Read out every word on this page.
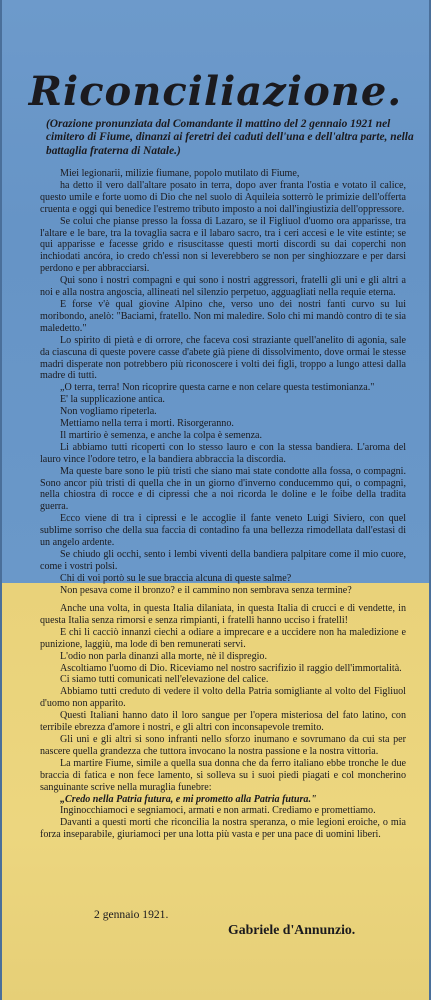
Riconciliazione.
(Orazione pronunziata dal Comandante il mattino del 2 gennaio 1921 nel cimitero di Fiume, dinanzi ai feretri dei caduti dell'una e dell'altra parte, nella battaglia fraterna di Natale.)

Miei legionarii, milizie fiumane, popolo mutilato di Fiume,

ha detto il vero dall'altare posato in terra, dopo aver franta l'ostia e votato il calice, questo umile e forte uomo di Dio che nel suolo di Aquileia sotterrò le primizie dell'offerta cruenta e oggi qui benedice l'estremo tributo imposto a noi dall'ingiustizia dell'oppressore.

Se colui che pianse presso la fossa di Lazaro, se il Figliuol d'uomo ora apparisse, tra l'altare e le bare, tra la tovaglia sacra e il labaro sacro, tra i ceri accesi e le vite estinte; se qui apparisse e facesse grido e risuscitasse questi morti discordi su dai coperchi non inchiodati ancóra, io credo ch'essi non si leverebbero se non per singhiozzare e per darsi perdono e per abbracciarsi.

Qui sono i nostri compagni e qui sono i nostri aggressori, fratelli gli uni e gli altri a noi e alla nostra angoscia, allineati nel silenzio perpetuo, agguagliati nella requie eterna.

E forse v'è qual giovine Alpino che, verso uno dei nostri fanti curvo su lui moribondo, anelò: "Baciami, fratello. Non mi maledire. Solo chi mi mandò contro di te sia maledetto."

Lo spirito di pietà e di orrore, che faceva così straziante quell'anelito di agonia, sale da ciascuna di queste povere casse d'abete già piene di dissolvimento, dove ormai le stesse madri disperate non potrebbero più riconoscere i volti dei figli, troppo a lungo attesi dalla madre di tutti.

„O terra, terra! Non ricoprire questa carne e non celare questa testimonianza."

E' la supplicazione antica.

Non vogliamo ripeterla.

Mettiamo nella terra i morti. Risorgeranno.

Il martirio è semenza, e anche la colpa è semenza.

Li abbiamo tutti ricoperti con lo stesso lauro e con la stessa bandiera. L'aroma del lauro vince l'odore tetro, e la bandiera abbraccia la discordia.

Ma queste bare sono le più tristi che siano mai state condotte alla fossa, o compagni. Sono ancor più tristi di quella che in un giorno d'inverno conducemmo qui, o compagni, nella chiostra di rocce e di cipressi che a noi ricorda le doline e le foibe della tradita guerra.

Ecco viene di tra i cipressi e le accoglie il fante veneto Luigi Siviero, con quel sublime sorriso che della sua faccia di contadino fa una bellezza rimodellata dall'estasi di un angelo ardente.

Se chiudo gli occhi, sento i lembi viventi della bandiera palpitare come il mio cuore, come i vostri polsi.

Chi di voi portò su le sue braccia alcuna di queste salme?

Non pesava come il bronzo? e il cammino non sembrava senza termine?

Anche una volta, in questa Italia dilaniata, in questa Italia di crucci e di vendette, in questa Italia senza rimorsi e senza rimpianti, i fratelli hanno ucciso i fratelli!

E chi li cacciò innanzi ciechi a odiare a imprecare e a uccidere non ha maledizione e punizione, laggiù, ma lode di ben remunerati servi.

L'odio non parla dinanzi alla morte, nè il dispregio.

Ascoltiamo l'uomo di Dio. Riceviamo nel nostro sacrifizio il raggio dell'immortalità.

Ci siamo tutti comunicati nell'elevazione del calice.

Abbiamo tutti creduto di vedere il volto della Patria somigliante al volto del Figliuol d'uomo non apparito.

Questi Italiani hanno dato il loro sangue per l'opera misteriosa del fato latino, con terribile ebrezza d'amore i nostri, e gli altri con inconsapevole tremito.

Gli uni e gli altri si sono infranti nello sforzo inumano e sovrumano da cui sta per nascere quella grandezza che tuttora invocano la nostra passione e la nostra vittoria.

La martire Fiume, simile a quella sua donna che da ferro italiano ebbe tronche le due braccia di fatica e non fece lamento, si solleva su i suoi piedi piagati e col moncherino sanguinante scrive nella muraglia funebre:

„Credo nella Patria futura, e mi prometto alla Patria futura."

Inginocchiamoci e segniamoci, armati e non armati. Crediamo e promettiamo.

Davanti a questi morti che riconcilia la nostra speranza, o mie legioni eroiche, o mia forza inseparabile, giuriamoci per una lotta più vasta e per una pace di uomini liberi.

2 gennaio 1921.
Gabriele d'Annunzio.
